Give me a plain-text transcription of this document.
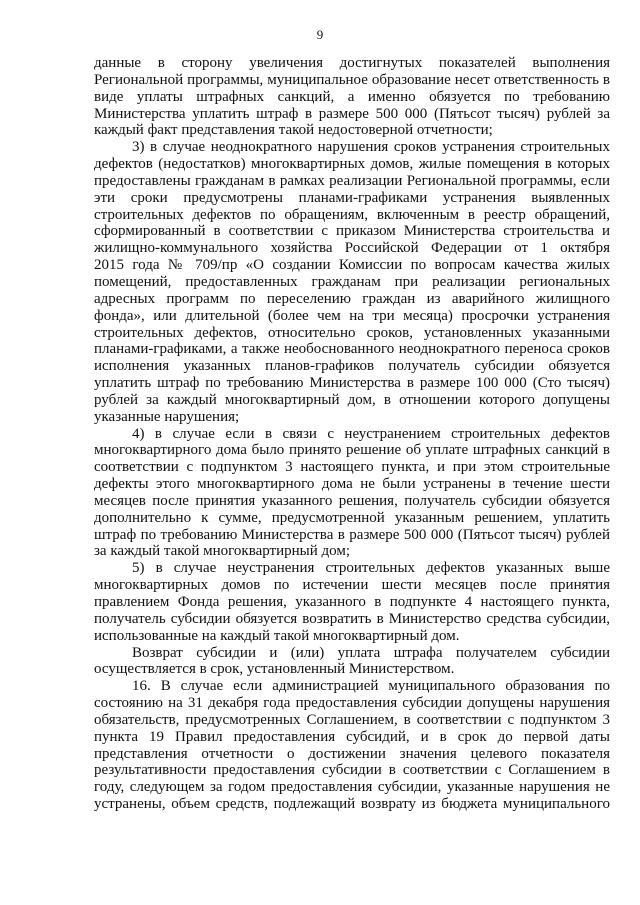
9
данные в сторону увеличения достигнутых показателей выполнения
Региональной программы, муниципальное образование несет ответственность в
виде уплаты штрафных санкций, а именно обязуется по требованию
Министерства уплатить штраф в размере 500 000 (Пятьсот тысяч) рублей за
каждый факт представления такой недостоверной отчетности;
3) в случае неоднократного нарушения сроков устранения строительных
дефектов (недостатков) многоквартирных домов, жилые помещения в которых
предоставлены гражданам в рамках реализации Региональной программы, если
эти сроки предусмотрены планами-графиками устранения выявленных
строительных дефектов по обращениям, включенным в реестр обращений,
сформированный в соответствии с приказом Министерства строительства и
жилищно-коммунального хозяйства Российской Федерации от 1 октября
2015 года № 709/пр «О создании Комиссии по вопросам качества жилых
помещений, предоставленных гражданам при реализации региональных
адресных программ по переселению граждан из аварийного жилищного
фонда», или длительной (более чем на три месяца) просрочки устранения
строительных дефектов, относительно сроков, установленных указанными
планами-графиками, а также необоснованного неоднократного переноса сроков
исполнения указанных планов-графиков получатель субсидии обязуется
уплатить штраф по требованию Министерства в размере 100 000 (Сто тысяч)
рублей за каждый многоквартирный дом, в отношении которого допущены
указанные нарушения;
4) в случае если в связи с неустранением строительных дефектов
многоквартирного дома было принято решение об уплате штрафных санкций в
соответствии с подпунктом 3 настоящего пункта, и при этом строительные
дефекты этого многоквартирного дома не были устранены в течение шести
месяцев после принятия указанного решения, получатель субсидии обязуется
дополнительно к сумме, предусмотренной указанным решением, уплатить
штраф по требованию Министерства в размере 500 000 (Пятьсот тысяч) рублей
за каждый такой многоквартирный дом;
5) в случае неустранения строительных дефектов указанных выше
многоквартирных домов по истечении шести месяцев после принятия
правлением Фонда решения, указанного в подпункте 4 настоящего пункта,
получатель субсидии обязуется возвратить в Министерство средства субсидии,
использованные на каждый такой многоквартирный дом.
Возврат субсидии и (или) уплата штрафа получателем субсидии
осуществляется в срок, установленный Министерством.
16. В случае если администрацией муниципального образования по
состоянию на 31 декабря года предоставления субсидии допущены нарушения
обязательств, предусмотренных Соглашением, в соответствии с подпунктом 3
пункта 19 Правил предоставления субсидий, и в срок до первой даты
представления отчетности о достижении значения целевого показателя
результативности предоставления субсидии в соответствии с Соглашением в
году, следующем за годом предоставления субсидии, указанные нарушения не
устранены, объем средств, подлежащий возврату из бюджета муниципального
